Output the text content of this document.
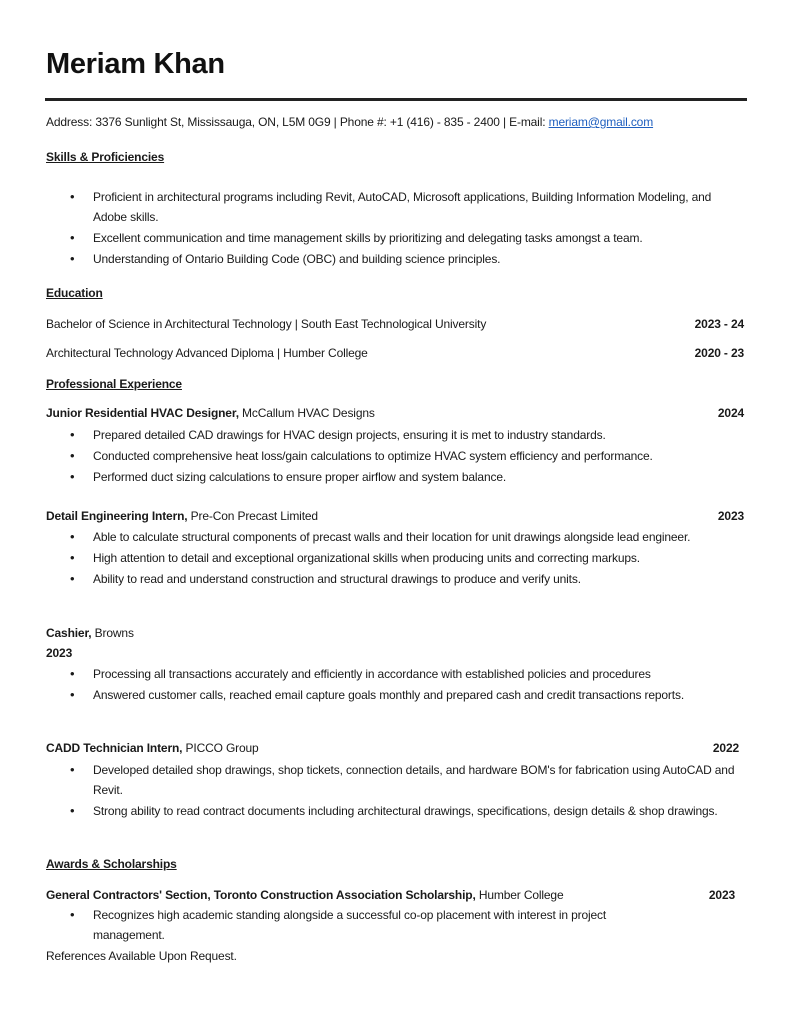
Meriam Khan
Address: 3376 Sunlight St, Mississauga, ON, L5M 0G9 | Phone #: +1 (416) - 835 - 2400 | E-mail: meriam@gmail.com
Skills & Proficiencies
• Proficient in architectural programs including Revit, AutoCAD, Microsoft applications, Building Information Modeling, and Adobe skills.
• Excellent communication and time management skills by prioritizing and delegating tasks amongst a team.
• Understanding of Ontario Building Code (OBC) and building science principles.
Education
Bachelor of Science in Architectural Technology | South East Technological University	2023 - 24
Architectural Technology Advanced Diploma | Humber College	2020 - 23
Professional Experience
Junior Residential HVAC Designer, McCallum HVAC Designs	2024
• Prepared detailed CAD drawings for HVAC design projects, ensuring it is met to industry standards.
• Conducted comprehensive heat loss/gain calculations to optimize HVAC system efficiency and performance.
• Performed duct sizing calculations to ensure proper airflow and system balance.
Detail Engineering Intern, Pre-Con Precast Limited	2023
• Able to calculate structural components of precast walls and their location for unit drawings alongside lead engineer.
• High attention to detail and exceptional organizational skills when producing units and correcting markups.
• Ability to read and understand construction and structural drawings to produce and verify units.
Cashier, Browns
2023
• Processing all transactions accurately and efficiently in accordance with established policies and procedures
• Answered customer calls, reached email capture goals monthly and prepared cash and credit transactions reports.
CADD Technician Intern, PICCO Group	2022
• Developed detailed shop drawings, shop tickets, connection details, and hardware BOM's for fabrication using AutoCAD and Revit.
• Strong ability to read contract documents including architectural drawings, specifications, design details & shop drawings.
Awards & Scholarships
General Contractors' Section, Toronto Construction Association Scholarship, Humber College	2023
• Recognizes high academic standing alongside a successful co-op placement with interest in project management.
References Available Upon Request.
